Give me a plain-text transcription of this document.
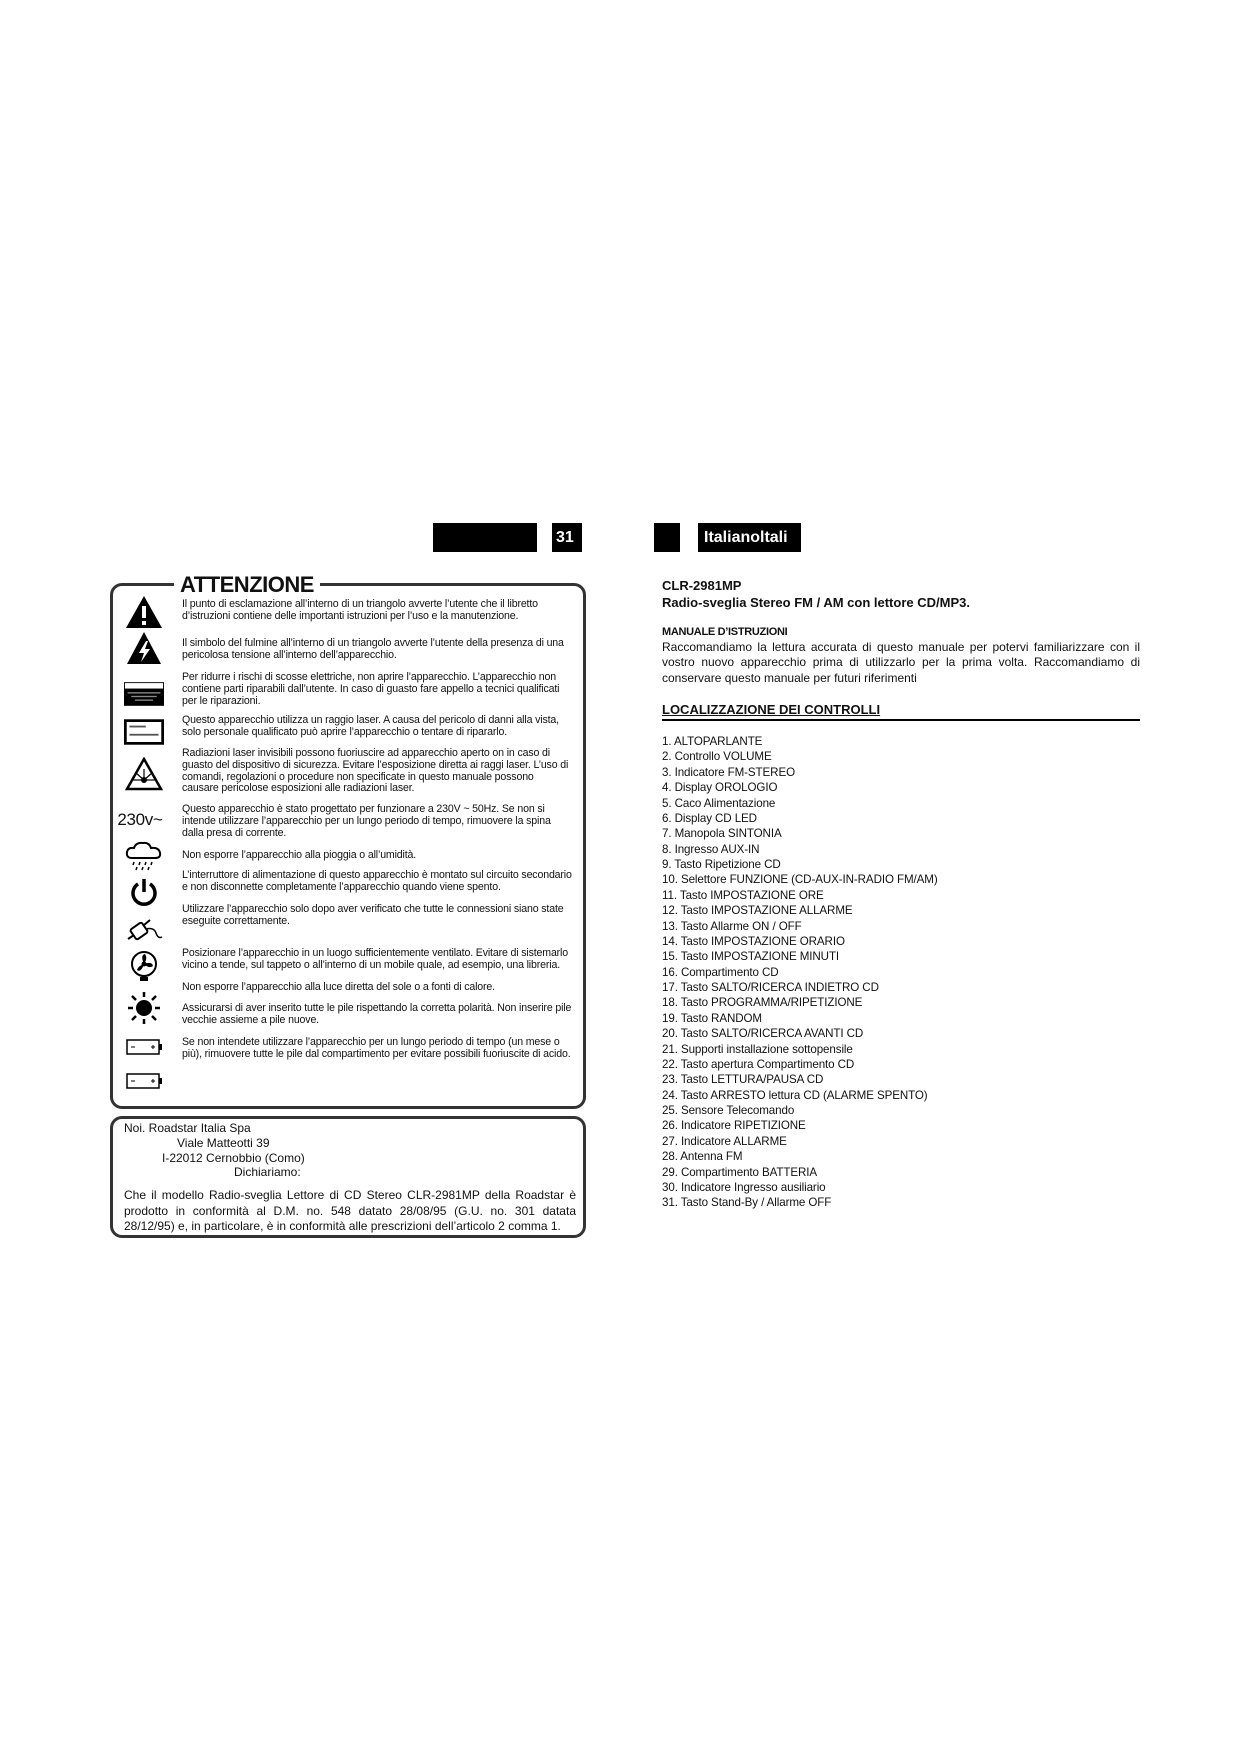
31	Italianoltali
ATTENZIONE
Il punto di esclamazione all’interno di un triangolo avverte l’utente che il libretto d’istruzioni contiene delle importanti istruzioni per l’uso e la manutenzione.
Il simbolo del fulmine all’interno di un triangolo avverte l’utente della presenza di una pericolosa tensione all’interno dell’apparecchio.
Per ridurre i rischi di scosse elettriche, non aprire l’apparecchio. L’apparecchio non contiene parti riparabili dall’utente. In caso di guasto fare appello a tecnici qualificati per le riparazioni.
Questo apparecchio utilizza un raggio laser. A causa del pericolo di danni alla vista, solo personale qualificato può aprire l’apparecchio o tentare di ripararlo.
Radiazioni laser invisibili possono fuoriuscire ad apparecchio aperto on in caso di guasto del dispositivo di sicurezza. Evitare l’esposizione diretta ai raggi laser. L’uso di comandi, regolazioni o procedure non specificate in questo manuale possono causare pericolose esposizioni alle radiazioni laser.
230v~
Questo apparecchio è stato progettato per funzionare a 230V ~ 50Hz. Se non si intende utilizzare l’apparecchio per un lungo periodo di tempo, rimuovere la spina dalla presa di corrente.
Non esporre l’apparecchio alla pioggia o all’umidità.
L’interruttore di alimentazione di questo apparecchio è montato sul circuito secondario e non disconnette completamente l’apparecchio quando viene spento.
Utilizzare l’apparecchio solo dopo aver verificato che tutte le connessioni siano state eseguite correttamente.
Posizionare l’apparecchio in un luogo sufficientemente ventilato. Evitare di sistemarlo vicino a tende, sul tappeto o all’interno di un mobile quale, ad esempio, una libreria.
Non esporre l’apparecchio alla luce diretta del sole o a fonti di calore.
Assicurarsi di aver inserito tutte le pile rispettando la corretta polarità. Non inserire pile vecchie assieme a pile nuove.
Se non intendete utilizzare l’apparecchio per un lungo periodo di tempo (un mese o più), rimuovere tutte le pile dal compartimento per evitare possibili fuoriuscite di acido.
Noi. Roadstar Italia Spa
Viale Matteotti 39
I-22012 Cernobbio (Como)
Dichiariamo:
Che il modello Radio-sveglia Lettore di CD Stereo CLR-2981MP della Roadstar è prodotto in conformità al D.M. no. 548 datato 28/08/95 (G.U. no. 301 datata 28/12/95) e, in particolare, è in conformità alle prescrizioni dell’articolo 2 comma 1.
CLR-2981MP
Radio-sveglia Stereo FM / AM con lettore CD/MP3.
MANUALE D’ISTRUZIONI
Raccomandiamo la lettura accurata di questo manuale per potervi familiarizzare con il vostro nuovo apparecchio prima di utilizzarlo per la prima volta. Raccomandiamo di conservare questo manuale per futuri riferimenti
LOCALIZZAZIONE DEI CONTROLLI
1. ALTOPARLANTE
2. Controllo VOLUME
3. Indicatore FM-STEREO
4. Display OROLOGIO
5. Caco Alimentazione
6. Display CD LED
7. Manopola SINTONIA
8. Ingresso AUX-IN
9. Tasto Ripetizione CD
10. Selettore FUNZIONE (CD-AUX-IN-RADIO FM/AM)
11. Tasto IMPOSTAZIONE ORE
12. Tasto IMPOSTAZIONE ALLARME
13. Tasto Allarme ON / OFF
14. Tasto IMPOSTAZIONE ORARIO
15. Tasto IMPOSTAZIONE MINUTI
16. Compartimento CD
17. Tasto SALTO/RICERCA INDIETRO CD
18. Tasto PROGRAMMA/RIPETIZIONE
19. Tasto RANDOM
20. Tasto SALTO/RICERCA AVANTI CD
21. Supporti installazione sottopensile
22. Tasto apertura Compartimento CD
23. Tasto LETTURA/PAUSA CD
24. Tasto ARRESTO lettura CD (ALARME SPENTO)
25. Sensore Telecomando
26. Indicatore RIPETIZIONE
27. Indicatore ALLARME
28. Antenna FM
29. Compartimento BATTERIA
30. Indicatore Ingresso ausiliario
31. Tasto Stand-By / Allarme OFF
